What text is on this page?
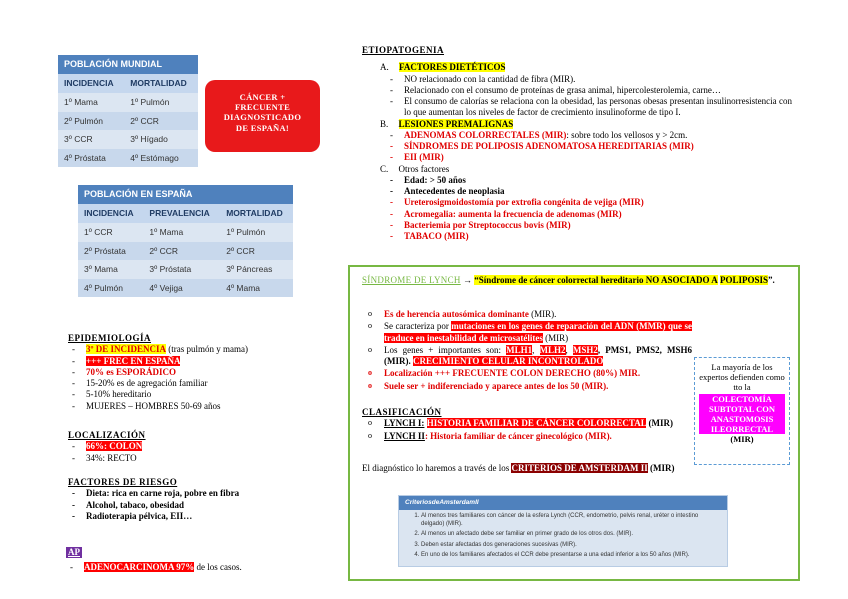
POBLACIÓN MUNDIAL	
INCIDENCIA	MORTALIDAD
1º Mama	1º Pulmón
2º Pulmón	2º CCR
3º CCR	3º Hígado
4º Próstata	4º Estómago
CÁNCER +
FRECUENTE
DIAGNOSTICADO
DE ESPAÑA!
POBLACIÓN EN ESPAÑA		
INCIDENCIA	PREVALENCIA	MORTALIDAD
1º CCR	1º Mama	1º Pulmón
2º Próstata	2º CCR	2º CCR
3º Mama	3º Próstata	3º Páncreas
4º Pulmón	4º Vejiga	4º Mama
EPIDEMIOLOGÍA
- 3º DE INCIDENCIA (tras pulmón y mama)
- +++ FREC EN ESPAÑA
- 70% es ESPORÁDICO
- 15-20% es de agregación familiar
- 5-10% hereditario
- MUJERES – HOMBRES 50-69 años
LOCALIZACIÓN
- 66%: COLON
- 34%: RECTO
FACTORES DE RIESGO
- Dieta: rica en carne roja, pobre en fibra
- Alcohol, tabaco, obesidad
- Radioterapia pélvica, EII…
AP
- ADENOCARCINOMA 97% de los casos.
ETIOPATOGENIA
A. FACTORES DIETÉTICOS
- NO relacionado con la cantidad de fibra (MIR).
- Relacionado con el consumo de proteínas de grasa animal, hipercolesterolemia, carne…
- El consumo de calorías se relaciona con la obesidad, las personas obesas presentan insulinorresistencia con lo que aumentan los niveles de factor de crecimiento insulinoforme de tipo I.
B. LESIONES PREMALIGNAS
- ADENOMAS COLORRECTALES (MIR): sobre todo los vellosos y > 2cm.
- SÍNDROMES DE POLIPOSIS ADENOMATOSA HEREDITARIAS (MIR)
- EII (MIR)
C. Otros factores
- Edad: > 50 años
- Antecedentes de neoplasia
- Ureterosigmoidostomía por extrofia congénita de vejiga (MIR)
- Acromegalia: aumenta la frecuencia de adenomas (MIR)
- Bacteriemia por Streptococcus bovis (MIR)
- TABACO (MIR)
SÍNDROME DE LYNCH → “Síndrome de cáncer colorrectal hereditario NO ASOCIADO A POLIPOSIS”.
o Es de herencia autosómica dominante (MIR).
o Se caracteriza por mutaciones en los genes de reparación del ADN (MMR) que se traduce en inestabilidad de microsatélites (MIR)
o Los genes + importantes son: MLH1, MLH2, MSH2, PMS1, PMS2, MSH6 (MIR). CRECIMIENTO CELULAR INCONTROLADO
o Localización +++ FRECUENTE COLON DERECHO (80%) MIR.
o Suele ser + indiferenciado y aparece antes de los 50 (MIR).
La mayoría de los expertos defienden como tto la
COLECTOMÍA SUBTOTAL CON ANASTOMOSIS ILEORRECTAL
(MIR)
CLASIFICACIÓN
o LYNCH I: HISTORIA FAMILIAR DE CÁNCER COLORRECTAL (MIR)
o LYNCH II: Historia familiar de cáncer ginecológico (MIR).
El diagnóstico lo haremos a través de los CRITERIOS DE AMSTERDAM II (MIR)
CriteriosdeAmsterdamII
1. Al menos tres familiares con cáncer de la esfera Lynch (CCR, endometrio, pelvis renal, uréter o intestino delgado) (MIR).
2. Al menos un afectado debe ser familiar en primer grado de los otros dos. (MIR).
3. Deben estar afectadas dos generaciones sucesivas (MIR).
4. En uno de los familiares afectados el CCR debe presentarse a una edad inferior a los 50 años (MIR).
